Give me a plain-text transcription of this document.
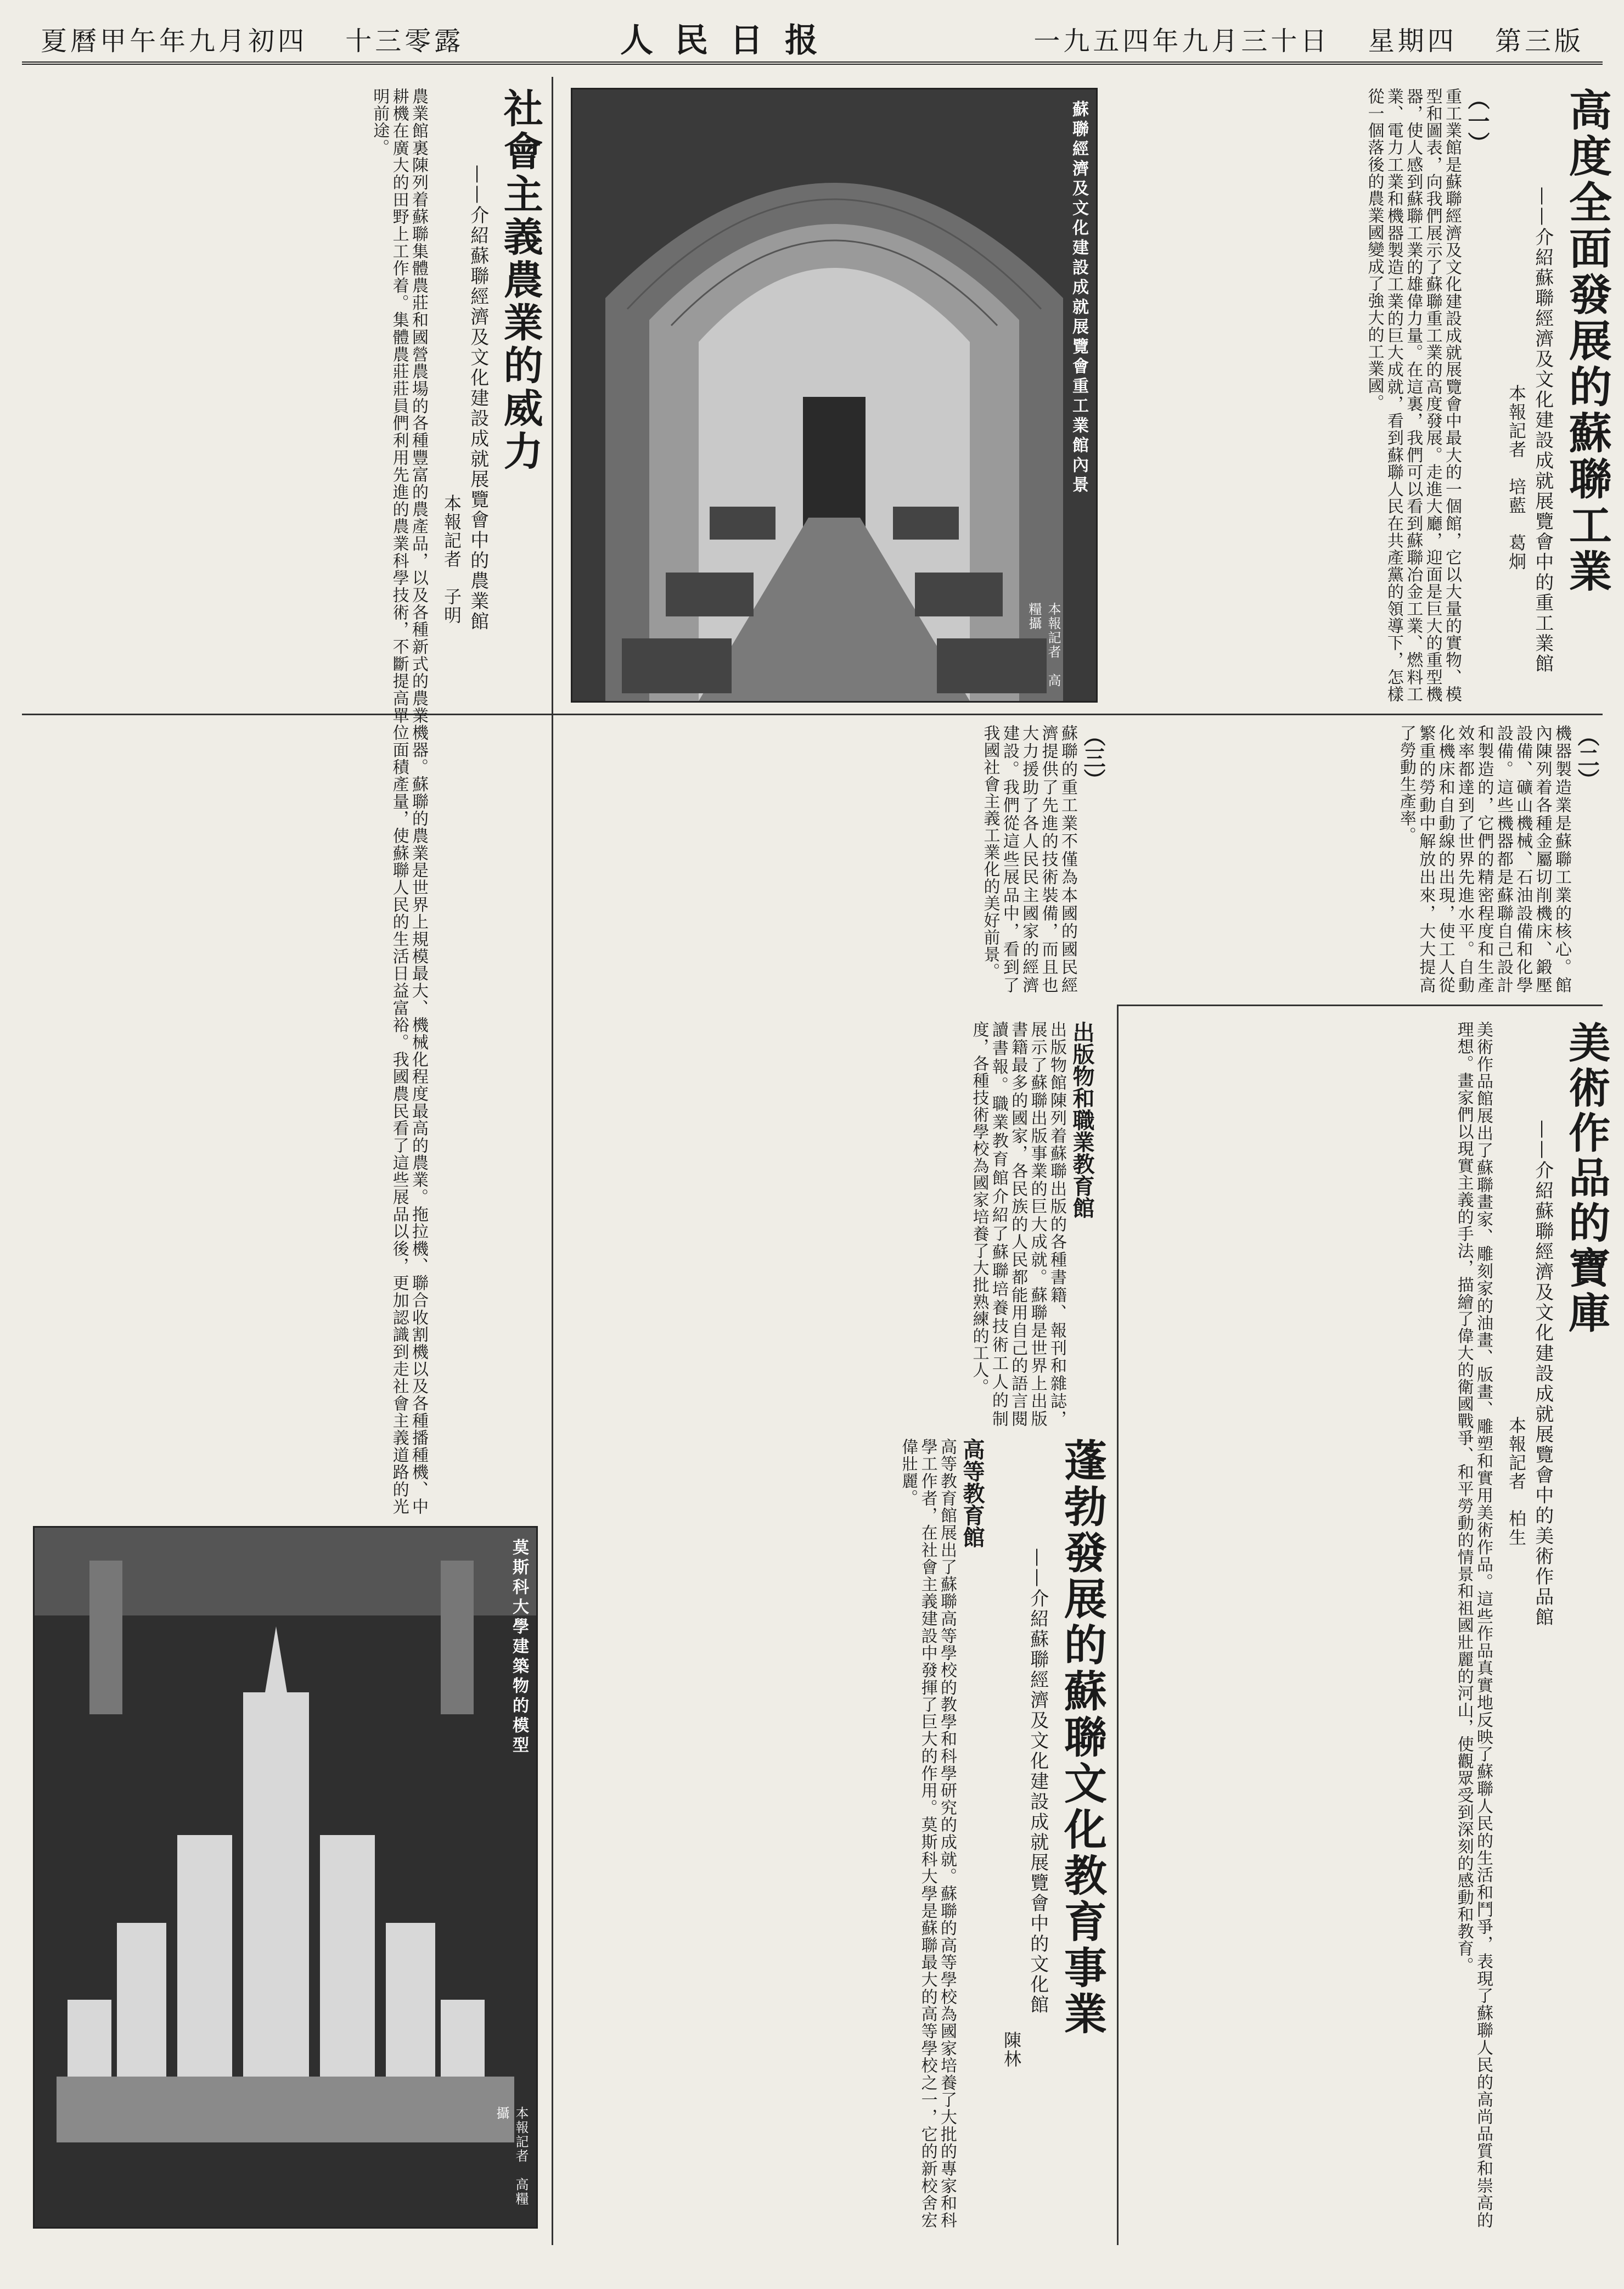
夏曆甲午年九月初四 十三零露	人民日报	一九五四年九月三十日 星期四 第三版
高度全面發展的蘇聯工業
——介紹蘇聯經濟及文化建設成就展覽會中的重工業館
本報記者　培藍　葛炯
（一）
重工業館是蘇聯經濟及文化建設成就展覽會中最大的一個館，它以大量的實物、模型和圖表，向我們展示了蘇聯重工業的高度發展。走進大廳，迎面是巨大的重型機器，使人感到蘇聯工業的雄偉力量。在這裏，我們可以看到蘇聯冶金工業、燃料工業、電力工業和機器製造工業的巨大成就，看到蘇聯人民在共產黨的領導下，怎樣從一個落後的農業國變成了強大的工業國。
（二）
機器製造業是蘇聯工業的核心。館內陳列着各種金屬切削機床、鍛壓設備、礦山機械、石油設備和化學設備。這些機器都是蘇聯自己設計和製造的，它們的精密程度和生產效率都達到了世界先進水平。自動化機床和自動線的出現，使工人從繁重的勞動中解放出來，大大提高了勞動生產率。
（三）
蘇聯的重工業不僅為本國的國民經濟提供了先進的技術裝備，而且也大力援助了各人民民主國家的經濟建設。我們從這些展品中，看到了我國社會主義工業化的美好前景。
蘇聯經濟及文化建設成就展覽會重工業館內景
本報記者　高糧攝
社會主義農業的威力
——介紹蘇聯經濟及文化建設成就展覽會中的農業館
本報記者　子明
農業館裏陳列着蘇聯集體農莊和國營農場的各種豐富的農產品，以及各種新式的農業機器。蘇聯的農業是世界上規模最大、機械化程度最高的農業。拖拉機、聯合收割機以及各種播種機、中耕機在廣大的田野上工作着。集體農莊莊員們利用先進的農業科學技術，不斷提高單位面積產量，使蘇聯人民的生活日益富裕。我國農民看了這些展品以後，更加認識到走社會主義道路的光明前途。
美術作品的寶庫
——介紹蘇聯經濟及文化建設成就展覽會中的美術作品館
本報記者　柏生
美術作品館展出了蘇聯畫家、雕刻家的油畫、版畫、雕塑和實用美術作品。這些作品真實地反映了蘇聯人民的生活和鬥爭，表現了蘇聯人民的高尚品質和崇高的理想。畫家們以現實主義的手法，描繪了偉大的衛國戰爭、和平勞動的情景和祖國壯麗的河山，使觀眾受到深刻的感動和教育。
蓬勃發展的蘇聯文化教育事業
——介紹蘇聯經濟及文化建設成就展覽會中的文化館
陳林
出版物和職業教育館
出版物館陳列着蘇聯出版的各種書籍、報刊和雜誌，展示了蘇聯出版事業的巨大成就。蘇聯是世界上出版書籍最多的國家，各民族的人民都能用自己的語言閱讀書報。職業教育館介紹了蘇聯培養技術工人的制度，各種技術學校為國家培養了大批熟練的工人。
高等教育館
高等教育館展出了蘇聯高等學校的教學和科學研究的成就。蘇聯的高等學校為國家培養了大批的專家和科學工作者，在社會主義建設中發揮了巨大的作用。莫斯科大學是蘇聯最大的高等學校之一，它的新校舍宏偉壯麗。
莫斯科大學建築物的模型
本報記者　高糧攝
